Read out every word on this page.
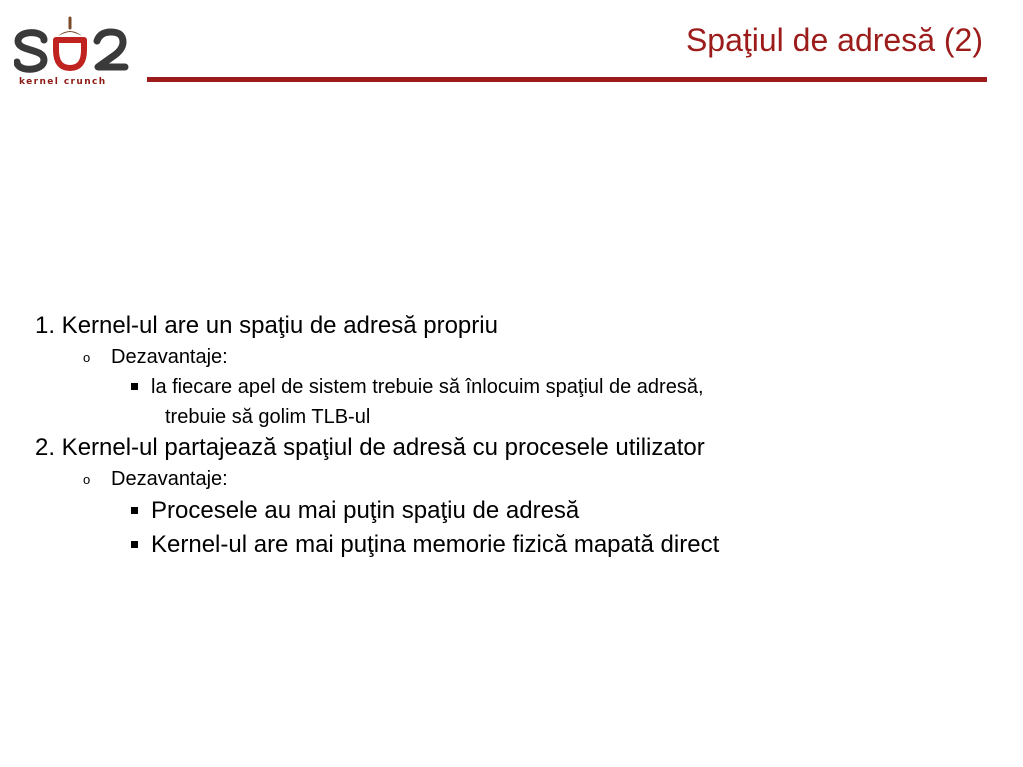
kernel crunch
Spaţiul de adresă (2)
1. Kernel-ul are un spaţiu de adresă propriu
o Dezavantaje:
la fiecare apel de sistem trebuie să înlocuim spaţiul de adresă,
trebuie să golim TLB-ul
2. Kernel-ul partajează spaţiul de adresă cu procesele utilizator
o Dezavantaje:
Procesele au mai puţin spaţiu de adresă
Kernel-ul are mai puţina memorie fizică mapată direct
